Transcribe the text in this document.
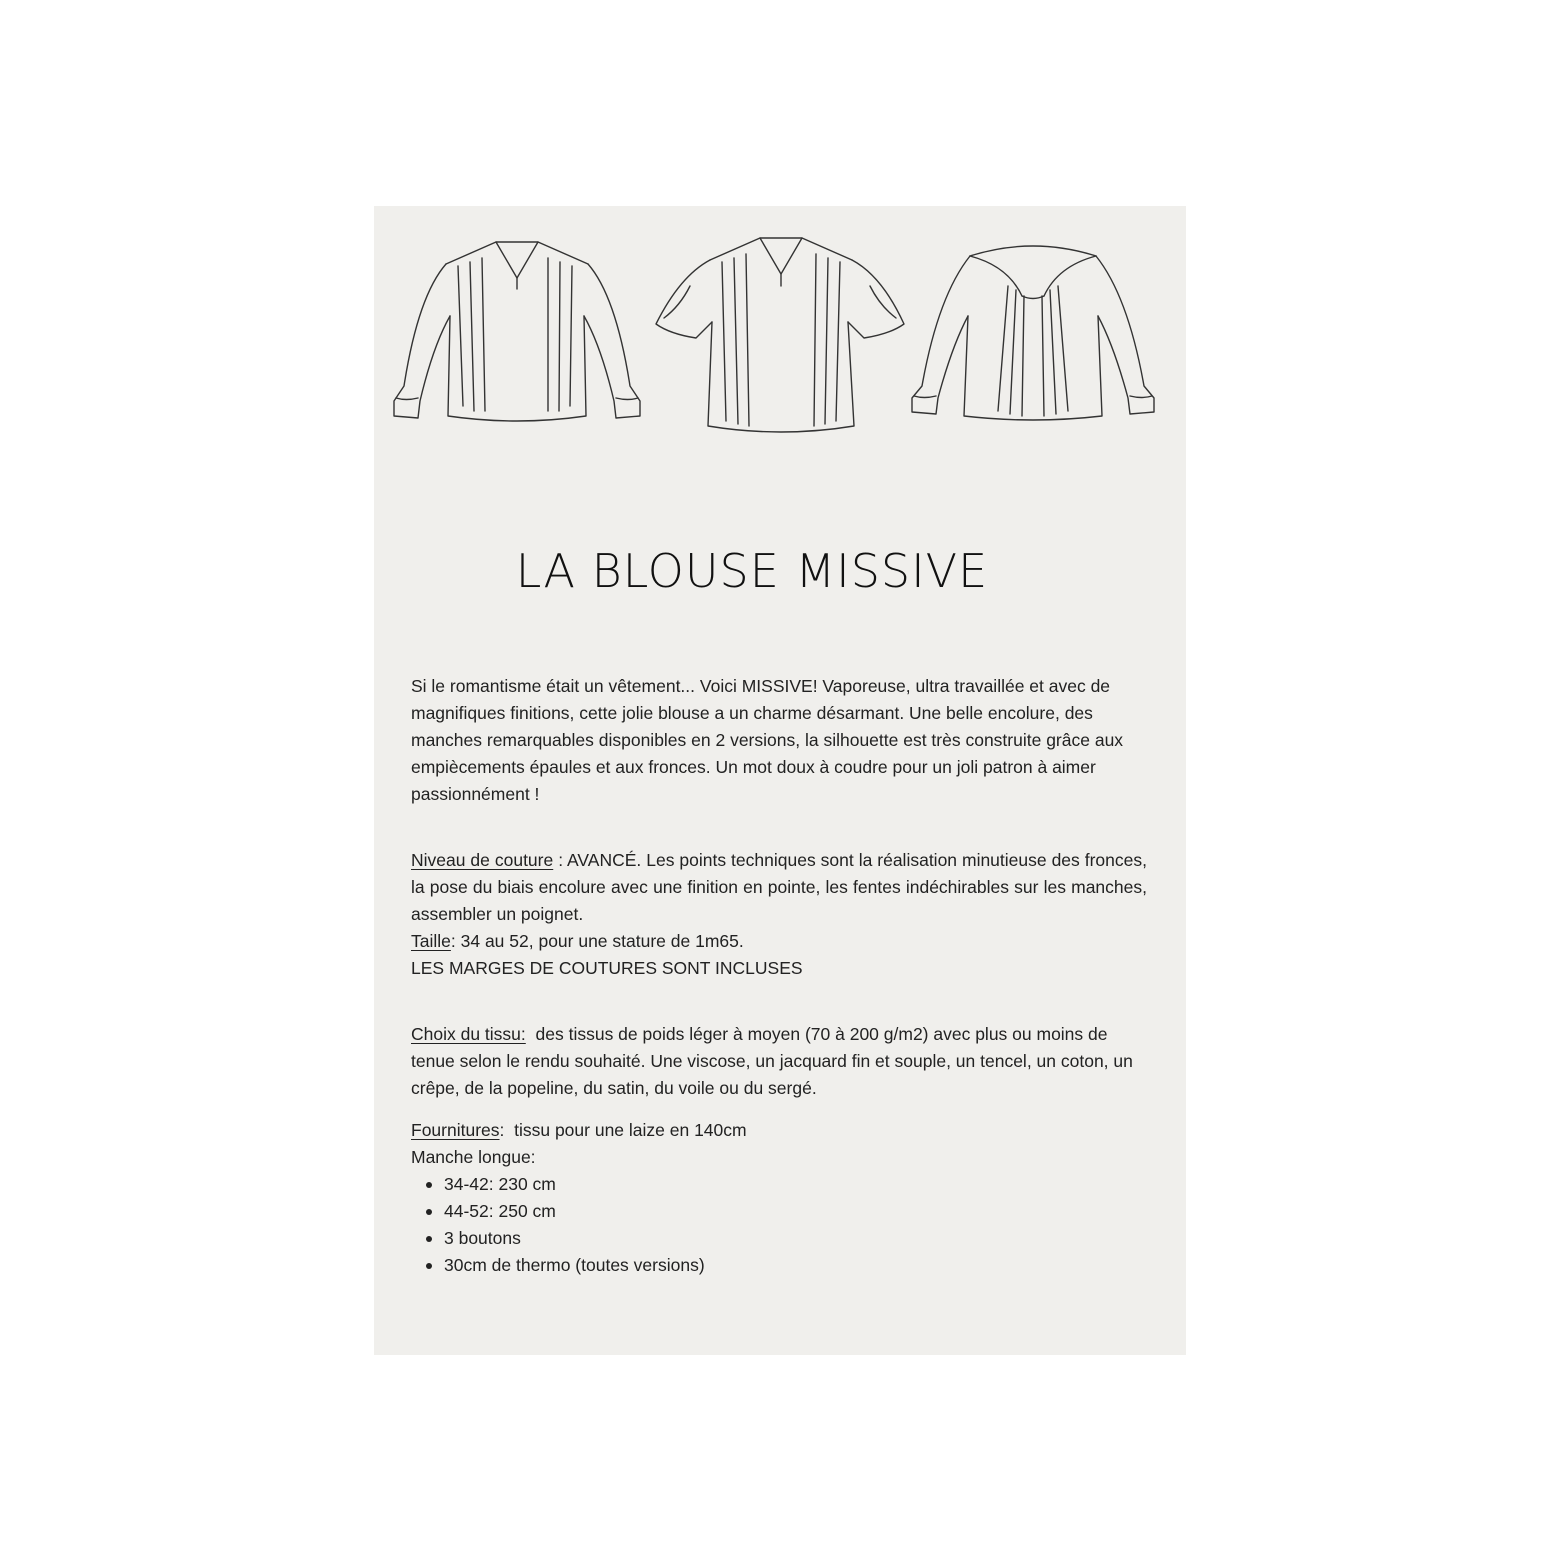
LA BLOUSE MISSIVE
Si le romantisme était un vêtement... Voici MISSIVE! Vaporeuse, ultra travaillée et avec de magnifiques finitions, cette jolie blouse a un charme désarmant. Une belle encolure, des manches remarquables disponibles en 2 versions, la silhouette est très construite grâce aux empiècements épaules et aux fronces. Un mot doux à coudre pour un joli patron à aimer passionnément !
Niveau de couture : AVANCÉ. Les points techniques sont la réalisation minutieuse des fronces, la pose du biais encolure avec une finition en pointe, les fentes indéchirables sur les manches, assembler un poignet.
Taille: 34 au 52, pour une stature de 1m65.
LES MARGES DE COUTURES SONT INCLUSES
Choix du tissu:  des tissus de poids léger à moyen (70 à 200 g/m2) avec plus ou moins de tenue selon le rendu souhaité. Une viscose, un jacquard fin et souple, un tencel, un coton, un crêpe, de la popeline, du satin, du voile ou du sergé.
Fournitures:  tissu pour une laize en 140cm
Manche longue:
34-42: 230 cm
44-52: 250 cm
3 boutons
30cm de thermo (toutes versions)
